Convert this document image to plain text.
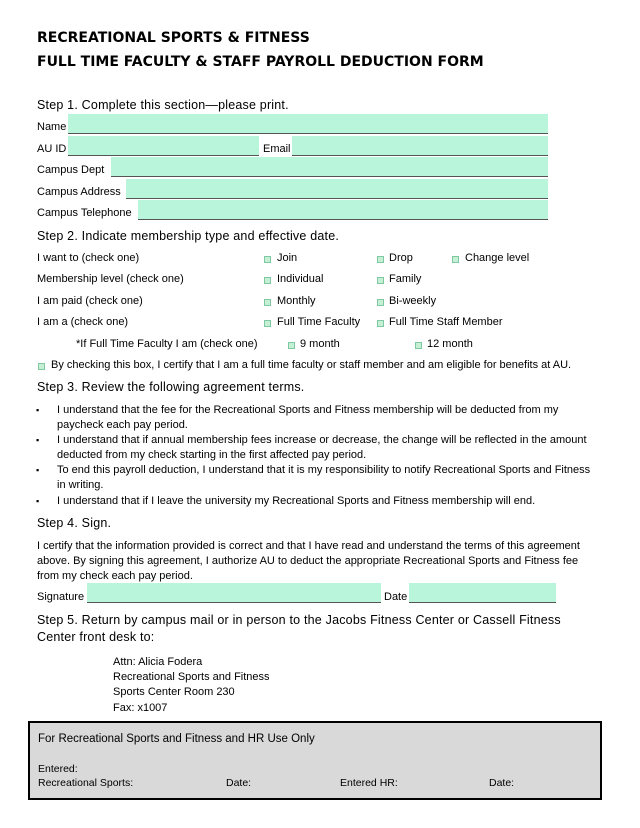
RECREATIONAL SPORTS & FITNESS
FULL TIME FACULTY & STAFF PAYROLL DEDUCTION FORM
Step 1. Complete this section—please print.
Name
AU ID	Email
Campus Dept
Campus Address
Campus Telephone
Step 2. Indicate membership type and effective date.
I want to (check one)	Join	Drop	Change level
Membership level (check one)	Individual	Family
I am paid (check one)	Monthly	Bi-weekly
I am a (check one)	Full Time Faculty	Full Time Staff Member
*If Full Time Faculty I am (check one)	9 month	12 month
By checking this box, I certify that I am a full time faculty or staff member and am eligible for benefits at AU.
Step 3. Review the following agreement terms.
▪ I understand that the fee for the Recreational Sports and Fitness membership will be deducted from my paycheck each pay period.
▪ I understand that if annual membership fees increase or decrease, the change will be reflected in the amount deducted from my check starting in the first affected pay period.
▪ To end this payroll deduction, I understand that it is my responsibility to notify Recreational Sports and Fitness in writing.
▪ I understand that if I leave the university my Recreational Sports and Fitness membership will end.
Step 4. Sign.
I certify that the information provided is correct and that I have read and understand the terms of this agreement above. By signing this agreement, I authorize AU to deduct the appropriate Recreational Sports and Fitness fee from my check each pay period.
Signature	Date
Step 5. Return by campus mail or in person to the Jacobs Fitness Center or Cassell Fitness Center front desk to:
Attn: Alicia Fodera
Recreational Sports and Fitness
Sports Center Room 230
Fax: x1007
For Recreational Sports and Fitness and HR Use Only
Entered:
Recreational Sports:	Date:	Entered HR:	Date:
